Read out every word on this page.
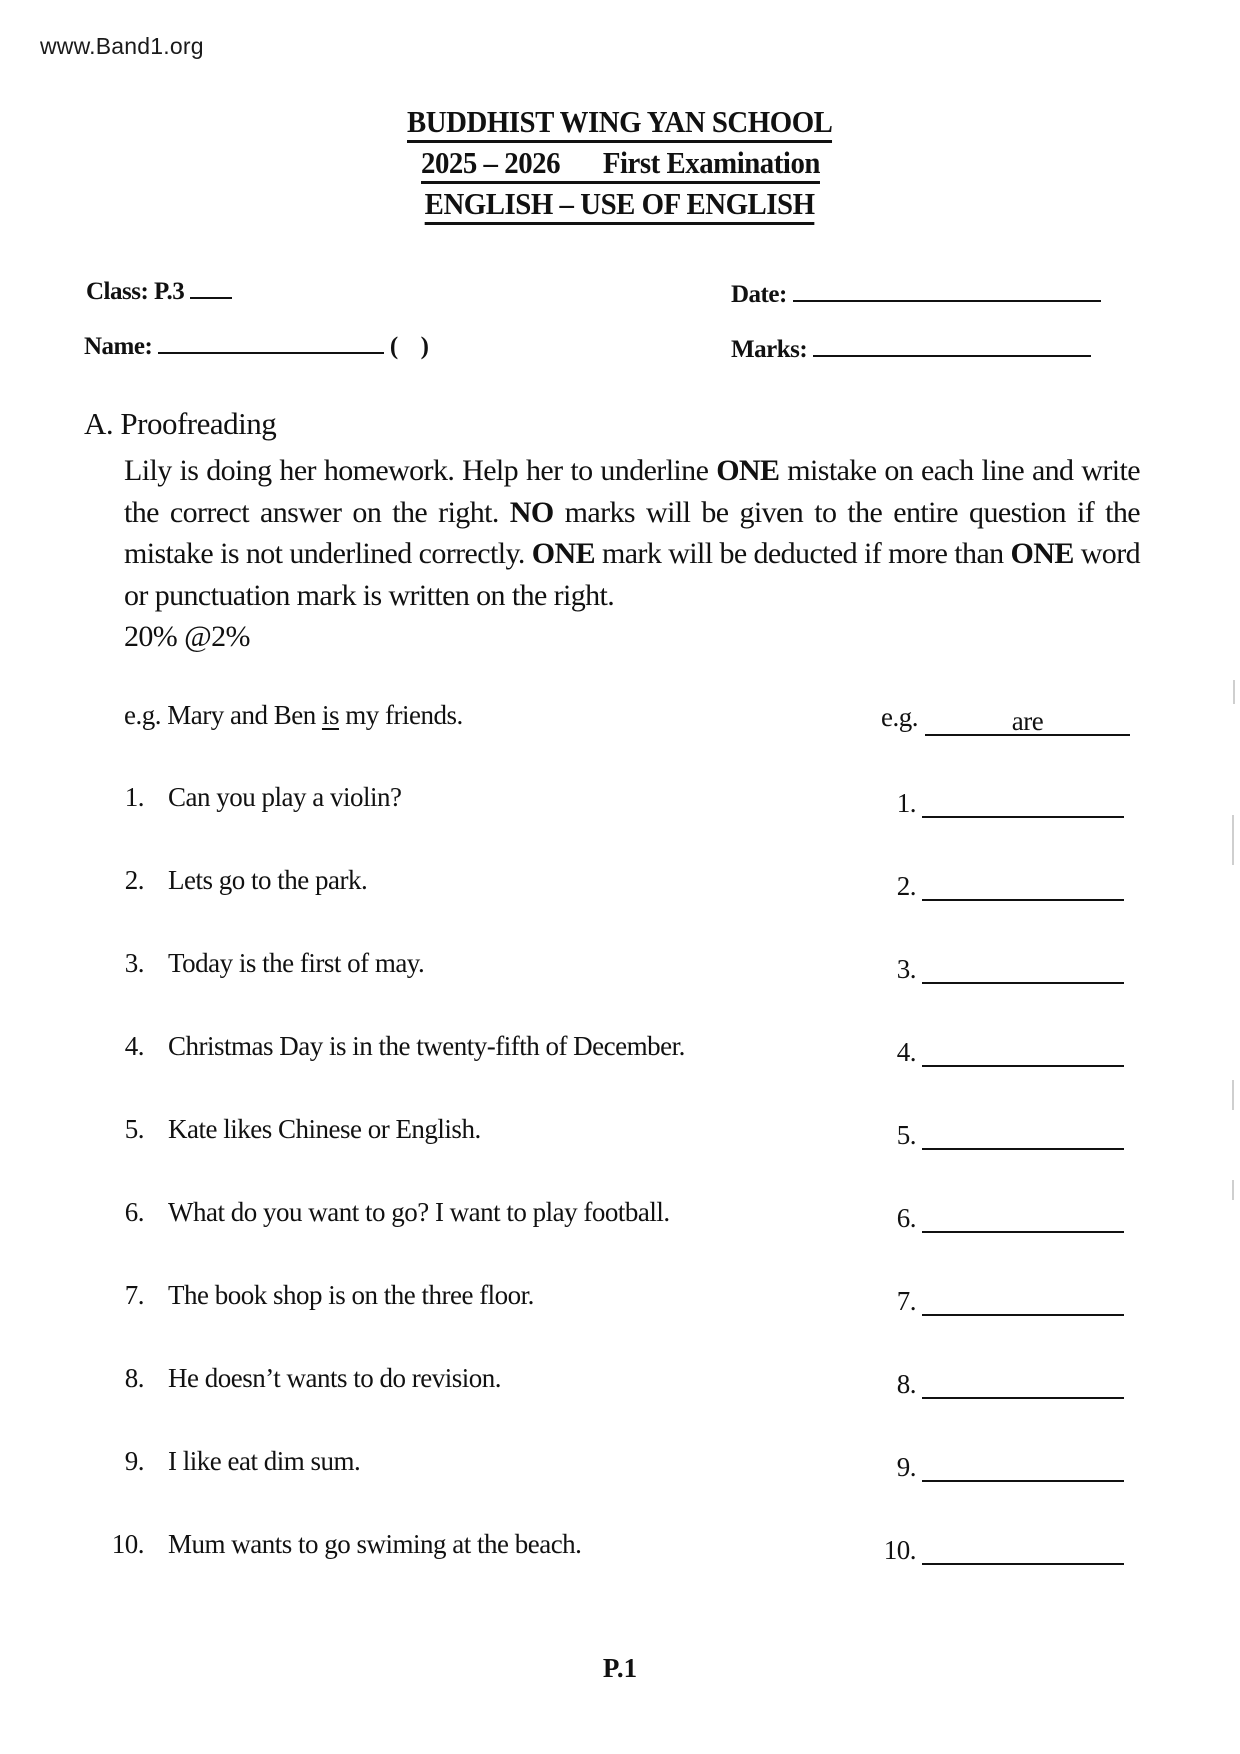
www.Band1.org
BUDDHIST WING YAN SCHOOL
2025 – 2026 First Examination
ENGLISH – USE OF ENGLISH
Class: P.3	Date:
Name:	(    )	Marks:
A. Proofreading
Lily is doing her homework. Help her to underline ONE mistake on each line and write the correct answer on the right. NO marks will be given to the entire question if the mistake is not underlined correctly. ONE mark will be deducted if more than ONE word or punctuation mark is written on the right.
20% @2%
e.g. Mary and Ben is my friends.	e.g.	are
1. Can you play a violin?	1.
2. Lets go to the park.	2.
3. Today is the first of may.	3.
4. Christmas Day is in the twenty-fifth of December.	4.
5. Kate likes Chinese or English.	5.
6. What do you want to go? I want to play football.	6.
7. The book shop is on the three floor.	7.
8. He doesn’t wants to do revision.	8.
9. I like eat dim sum.	9.
10. Mum wants to go swiming at the beach.	10.
P.1
